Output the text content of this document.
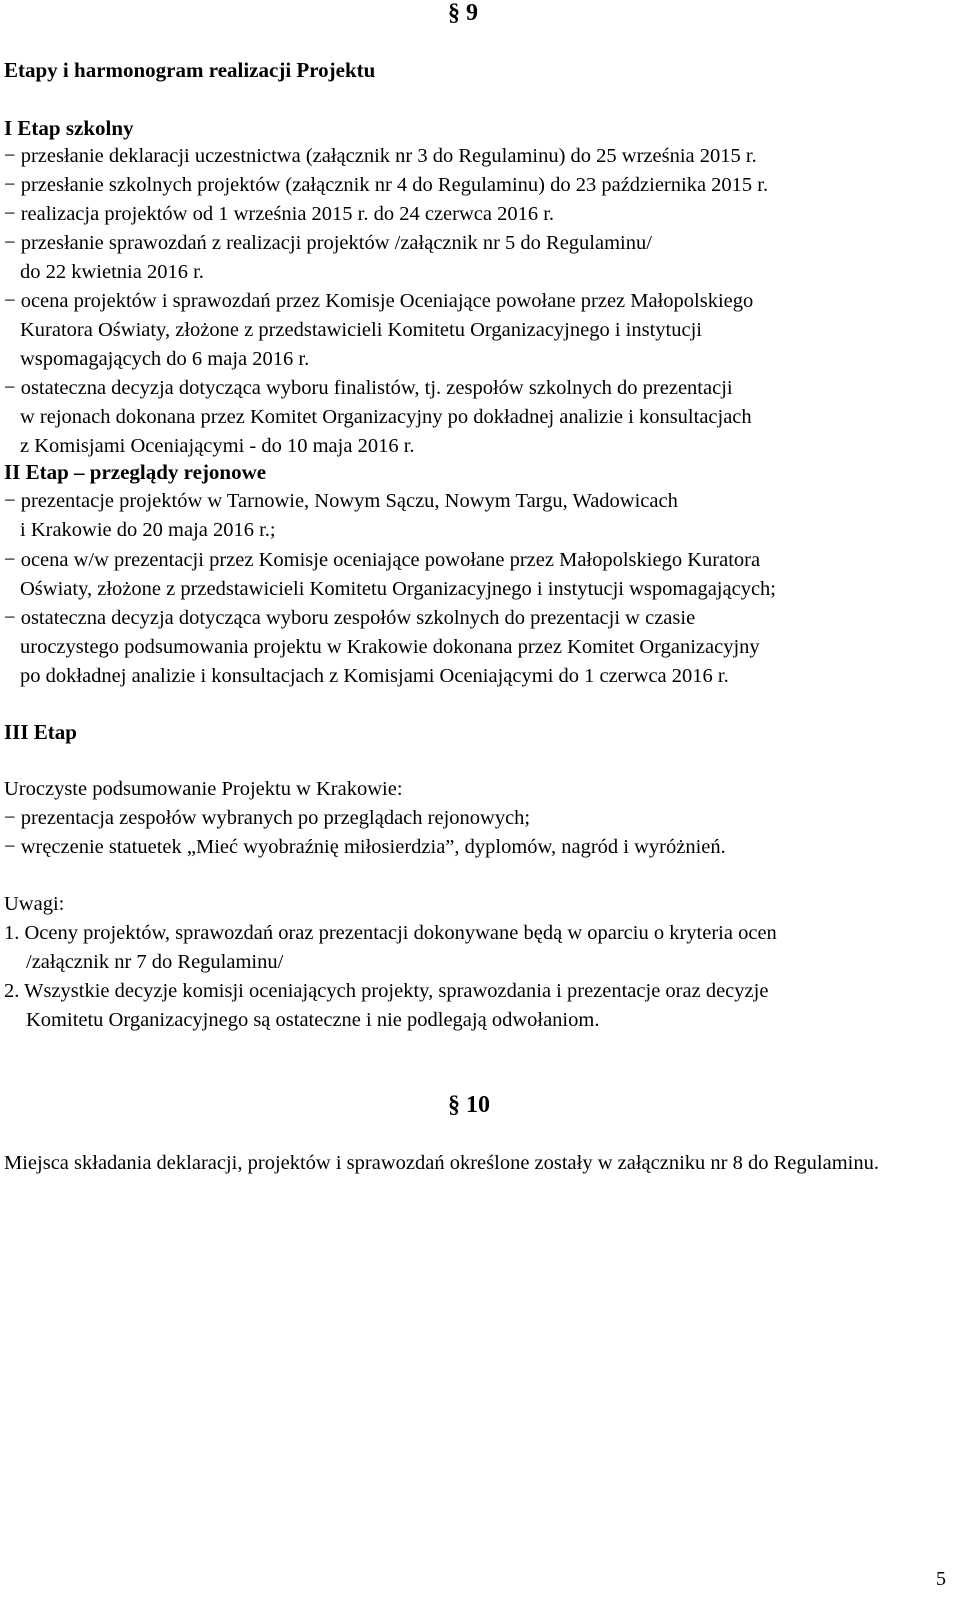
§ 9
Etapy i harmonogram realizacji Projektu
I Etap szkolny
− przesłanie deklaracji uczestnictwa (załącznik nr 3 do Regulaminu) do 25 września 2015 r.
− przesłanie szkolnych projektów (załącznik nr 4 do Regulaminu) do 23 października 2015 r.
− realizacja projektów od 1 września 2015 r. do 24 czerwca 2016 r.
− przesłanie sprawozdań z realizacji projektów /załącznik nr 5 do Regulaminu/
do 22 kwietnia 2016 r.
− ocena projektów i sprawozdań przez Komisje Oceniające powołane przez Małopolskiego
Kuratora Oświaty, złożone z przedstawicieli Komitetu Organizacyjnego i instytucji
wspomagających do 6 maja 2016 r.
− ostateczna decyzja dotycząca wyboru finalistów, tj. zespołów szkolnych do prezentacji
w rejonach dokonana przez Komitet Organizacyjny po dokładnej analizie i konsultacjach
z Komisjami Oceniającymi - do 10 maja 2016 r.
II Etap – przeglądy rejonowe
− prezentacje projektów w Tarnowie, Nowym Sączu, Nowym Targu, Wadowicach
i Krakowie do 20 maja 2016 r.;
− ocena w/w prezentacji przez Komisje oceniające powołane przez Małopolskiego Kuratora
Oświaty, złożone z przedstawicieli Komitetu Organizacyjnego i instytucji wspomagających;
− ostateczna decyzja dotycząca wyboru zespołów szkolnych do prezentacji w czasie
uroczystego podsumowania projektu w Krakowie dokonana przez Komitet Organizacyjny
po dokładnej analizie i konsultacjach z Komisjami Oceniającymi do 1 czerwca 2016 r.
III Etap
Uroczyste podsumowanie Projektu w Krakowie:
− prezentacja zespołów wybranych po przeglądach rejonowych;
− wręczenie statuetek „Mieć wyobraźnię miłosierdzia”, dyplomów, nagród i wyróżnień.
Uwagi:
1. Oceny projektów, sprawozdań oraz prezentacji dokonywane będą w oparciu o kryteria ocen
/załącznik nr 7 do Regulaminu/
2. Wszystkie decyzje komisji oceniających projekty, sprawozdania i prezentacje oraz decyzje
Komitetu Organizacyjnego są ostateczne i nie podlegają odwołaniom.
§ 10
Miejsca składania deklaracji, projektów i sprawozdań określone zostały w załączniku nr 8 do Regulaminu.
5
